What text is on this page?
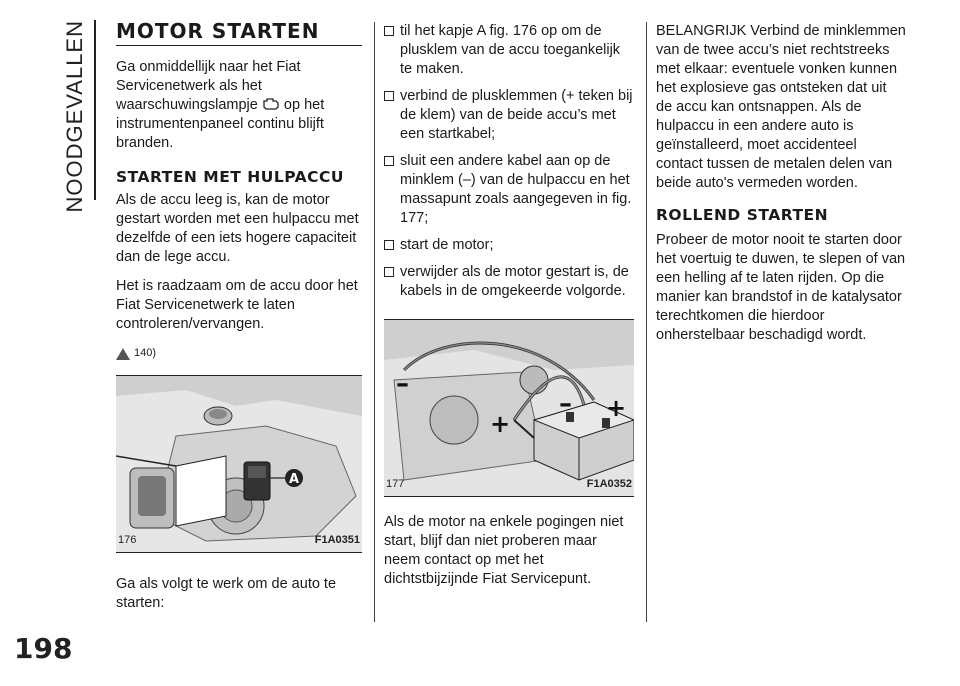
NOODGEVALLEN
198
MOTOR STARTEN

Ga onmiddellijk naar het Fiat Servicenetwerk als het waarschuwingslampje op het instrumentenpaneel continu blijft branden.

STARTEN MET HULPACCU

Als de accu leeg is, kan de motor gestart worden met een hulpaccu met dezelfde of een iets hogere capaciteit dan de lege accu.

Het is raadzaam om de accu door het Fiat Servicenetwerk te laten controleren/vervangen.

140)
A
176	F1A0351

Ga als volgt te werk om de auto te starten:

til het kapje A fig. 176 op om de plusklem van de accu toegankelijk te maken.
verbind de plusklemmen (+ teken bij de klem) van de beide accu’s met een startkabel;
sluit een andere kabel aan op de minklem (–) van de hulpaccu en het massapunt zoals aangegeven in fig. 177;
start de motor;
verwijder als de motor gestart is, de kabels in de omgekeerde volgorde.
– +
–
+
177	F1A0352

Als de motor na enkele pogingen niet start, blijf dan niet proberen maar neem contact op met het dichtstbijzijnde Fiat Servicepunt.

BELANGRIJK Verbind de minklemmen van de twee accu’s niet rechtstreeks met elkaar: eventuele vonken kunnen het explosieve gas ontsteken dat uit de accu kan ontsnappen. Als de hulpaccu in een andere auto is geïnstalleerd, moet accidenteel contact tussen de metalen delen van beide auto's vermeden worden.

ROLLEND STARTEN

Probeer de motor nooit te starten door het voertuig te duwen, te slepen of van een helling af te laten rijden. Op die manier kan brandstof in de katalysator terechtkomen die hierdoor onherstelbaar beschadigd wordt.
